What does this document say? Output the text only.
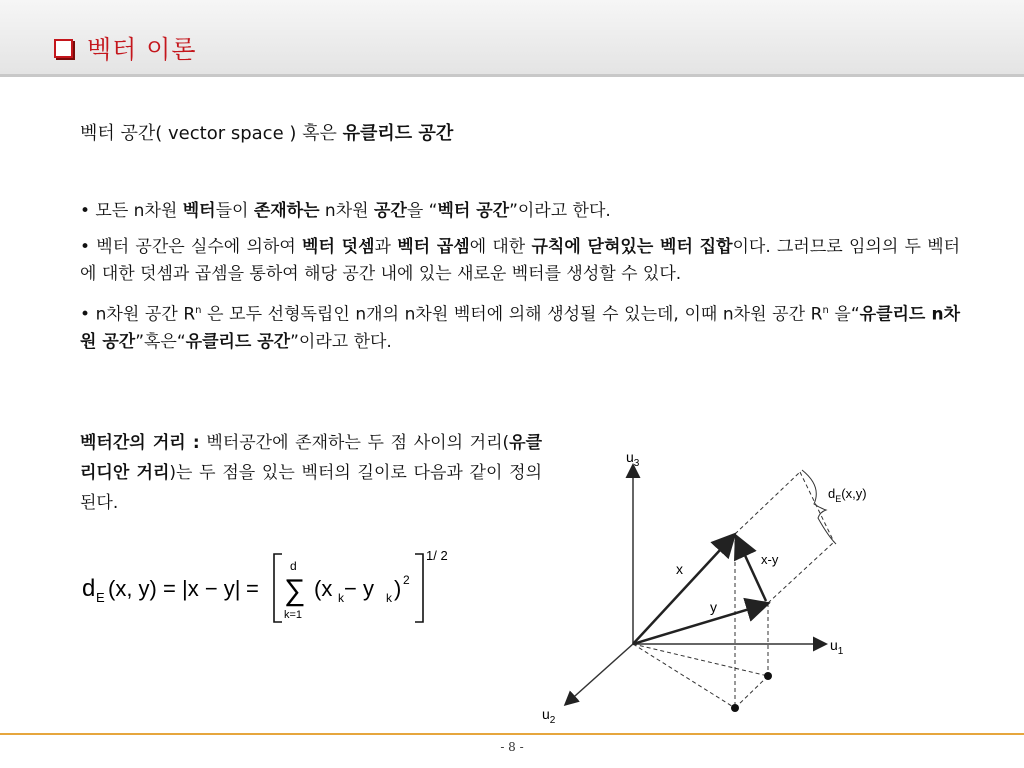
벡터 이론
벡터 공간( vector space ) 혹은 유클리드 공간
• 모든 n차원 벡터들이 존재하는 n차원 공간을 “벡터 공간”이라고 한다.
• 벡터 공간은 실수에 의하여 벡터 덧셈과 벡터 곱셈에 대한 규칙에 닫혀있는 벡터 집합이다. 그러므로 임의의 두 벡터에 대한 덧셈과 곱셈을 통하여 해당 공간 내에 있는 새로운 벡터를 생성할 수 있다.
• n차원 공간 $R^n$ 은 모두 선형독립인 n개의 n차원 벡터에 의해 생성될 수 있는데, 이때 n차원 공간 $R^n$ 을“유클리드 n차원 공간”혹은“유클리드 공간”이라고 한다.
벡터간의 거리 : 벡터공간에 존재하는 두 점 사이의 거리(유클리디안 거리)는 두 점을 있는 벡터의 길이로 다음과 같이 정의 된다.
d E (x, y) = |x − y| =
d
∑
k=1
(x k − y k ) 2
1/ 2
$u_3$
$u_1$
$u_2$
x
y
x-y
$d_E(x,y)$
- 8 -
